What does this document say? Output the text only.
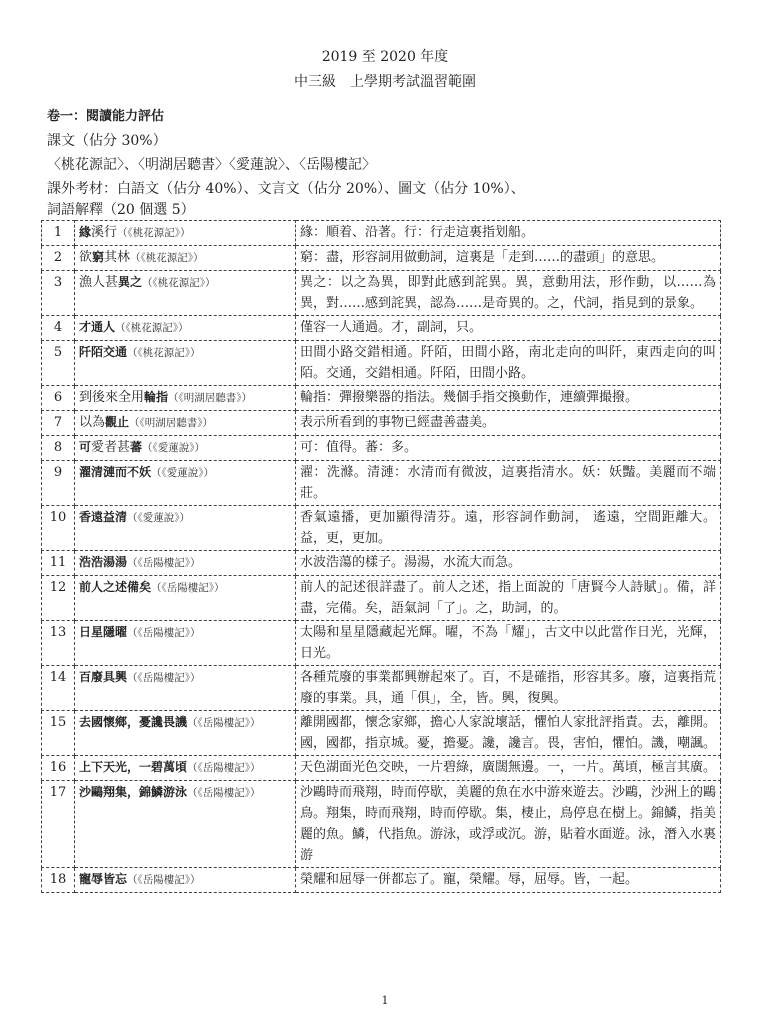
2019 至 2020 年度
中三級　上學期考試溫習範圍
卷一：閱讀能力評估
課文（佔分 30%）
〈桃花源記〉、〈明湖居聽書〉〈愛蓮說〉、〈岳陽樓記〉
課外考材：白語文（佔分 40%）、文言文（佔分 20%）、圖文（佔分 10%）、
詞語解釋（20 個選 5）
1	緣溪行（《桃花源記》）	緣：順着、沿著。行：行走這裏指划船。
2	欲窮其林（《桃花源記》）	窮：盡，形容詞用做動詞，這裏是「走到……的盡頭」的意思。
3	漁人甚異之（《桃花源記》）	異之：以之為異，即對此感到詫異。異，意動用法，形作動，以……為異，對……感到詫異，認為……是奇異的。之，代詞，指見到的景象。
4	才通人（《桃花源記》）	僅容一人通過。才，副詞，只。
5	阡陌交通（《桃花源記》）	田間小路交錯相通。阡陌，田間小路，南北走向的叫阡，東西走向的叫陌。交通，交錯相通。阡陌，田間小路。
6	到後來全用輪指（《明湖居聽書》）	輪指：彈撥樂器的指法。幾個手指交換動作，連續彈撮撥。
7	以為觀止（《明湖居聽書》）	表示所看到的事物已經盡善盡美。
8	可愛者甚蕃（《愛蓮說》）	可：值得。蕃：多。
9	濯清漣而不妖（《愛蓮說》）	濯：洗滌。清漣：水清而有微波，這裏指清水。妖：妖豔。美麗而不端莊。
10	香遠益清（《愛蓮說》）	香氣遠播，更加顯得清芬。遠，形容詞作動詞， 遙遠，空間距離大。益，更，更加。
11	浩浩湯湯（《岳陽樓記》）	水波浩蕩的樣子。湯湯，水流大而急。
12	前人之述備矣（《岳陽樓記》）	前人的記述很詳盡了。前人之述，指上面說的「唐賢今人詩賦」。備，詳盡，完備。矣，語氣詞「了」。之，助詞，的。
13	日星隱曜（《岳陽樓記》）	太陽和星星隱藏起光輝。曜，不為「耀」，古文中以此當作日光，光輝，日光。
14	百廢具興（《岳陽樓記》）	各種荒廢的事業都興辦起來了。百，不是確指，形容其多。廢，這裏指荒廢的事業。具，通「俱」，全，皆。興，復興。
15	去國懷鄉，憂讒畏譏（《岳陽樓記》）	離開國都，懷念家鄉，擔心人家說壞話，懼怕人家批評指責。去，離開。國，國都，指京城。憂，擔憂。讒，讒言。畏，害怕，懼怕。譏，嘲諷。
16	上下天光，一碧萬頃（《岳陽樓記》）	天色湖面光色交映，一片碧綠，廣闊無邊。一，一片。萬頃，極言其廣。
17	沙鷗翔集，錦鱗游泳（《岳陽樓記》）	沙鷗時而飛翔，時而停歇，美麗的魚在水中游來遊去。沙鷗，沙洲上的鷗鳥。翔集，時而飛翔，時而停歇。集，棲止，鳥停息在樹上。錦鱗，指美麗的魚。鱗，代指魚。游泳，或浮或沉。游，貼着水面遊。泳，潛入水裏游
18	寵辱皆忘（《岳陽樓記》）	榮耀和屈辱一併都忘了。寵，榮耀。辱，屈辱。皆，一起。
1
